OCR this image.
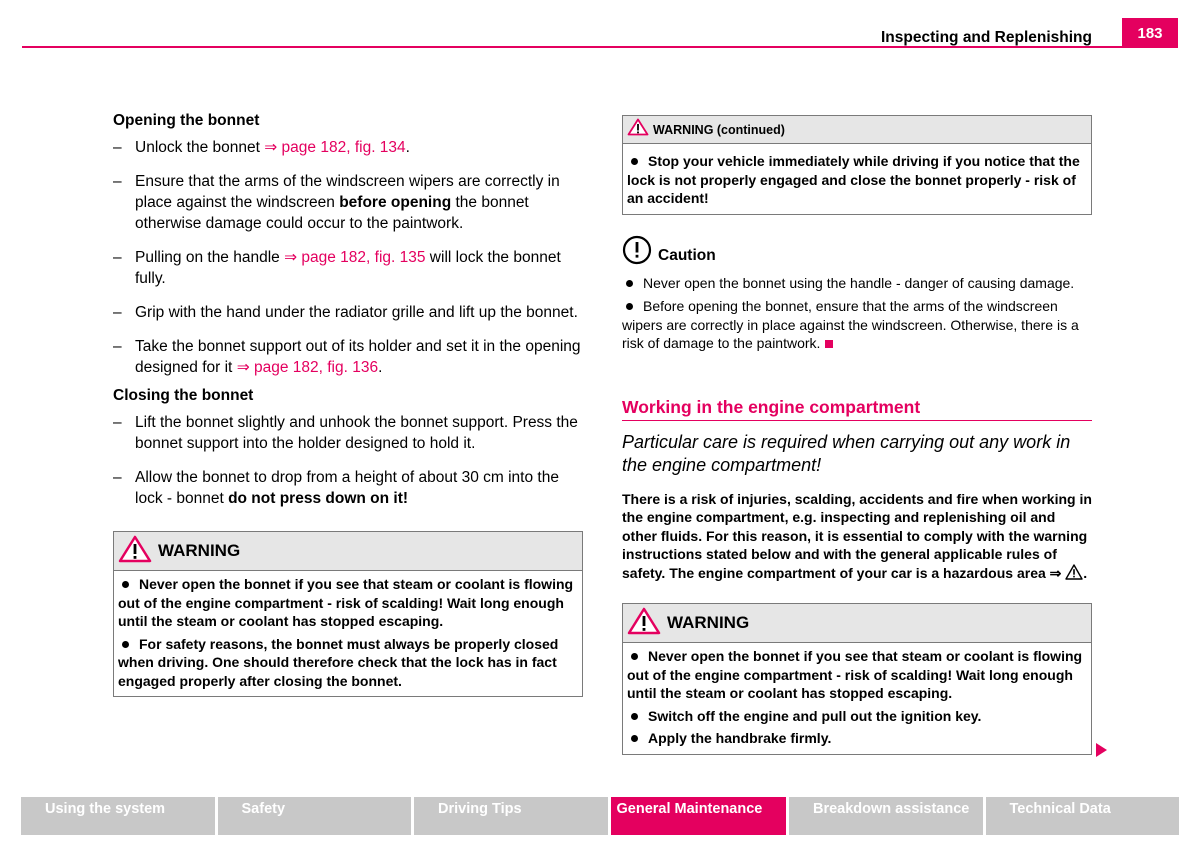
Inspecting and Replenishing	183
Opening the bonnet

– Unlock the bonnet ⇒ page 182, fig. 134.

– Ensure that the arms of the windscreen wipers are correctly in place against the windscreen before opening the bonnet otherwise damage could occur to the paintwork.

– Pulling on the handle ⇒ page 182, fig. 135 will lock the bonnet fully.

– Grip with the hand under the radiator grille and lift up the bonnet.

– Take the bonnet support out of its holder and set it in the opening designed for it ⇒ page 182, fig. 136.

Closing the bonnet

– Lift the bonnet slightly and unhook the bonnet support. Press the bonnet support into the holder designed to hold it.

– Allow the bonnet to drop from a height of about 30 cm into the lock - bonnet do not press down on it!

WARNING
Never open the bonnet if you see that steam or coolant is flowing out of the engine compartment - risk of scalding! Wait long enough until the steam or coolant has stopped escaping.
For safety reasons, the bonnet must always be properly closed when driving. One should therefore check that the lock has in fact engaged properly after closing the bonnet.
WARNING (continued)
Stop your vehicle immediately while driving if you notice that the lock is not properly engaged and close the bonnet properly - risk of an accident!
Caution
Never open the bonnet using the handle - danger of causing damage.
Before opening the bonnet, ensure that the arms of the windscreen wipers are correctly in place against the windscreen. Otherwise, there is a risk of damage to the paintwork.
Working in the engine compartment
Particular care is required when carrying out any work in the engine compartment!
There is a risk of injuries, scalding, accidents and fire when working in the engine compartment, e.g. inspecting and replenishing oil and other fluids. For this reason, it is essential to comply with the warning instructions stated below and with the general applicable rules of safety. The engine compartment of your car is a hazardous area ⇒ .
WARNING
Never open the bonnet if you see that steam or coolant is flowing out of the engine compartment - risk of scalding! Wait long enough until the steam or coolant has stopped escaping.
Switch off the engine and pull out the ignition key.
Apply the handbrake firmly.
Using the system	Safety	Driving Tips	General Maintenance	Breakdown assistance	Technical Data
